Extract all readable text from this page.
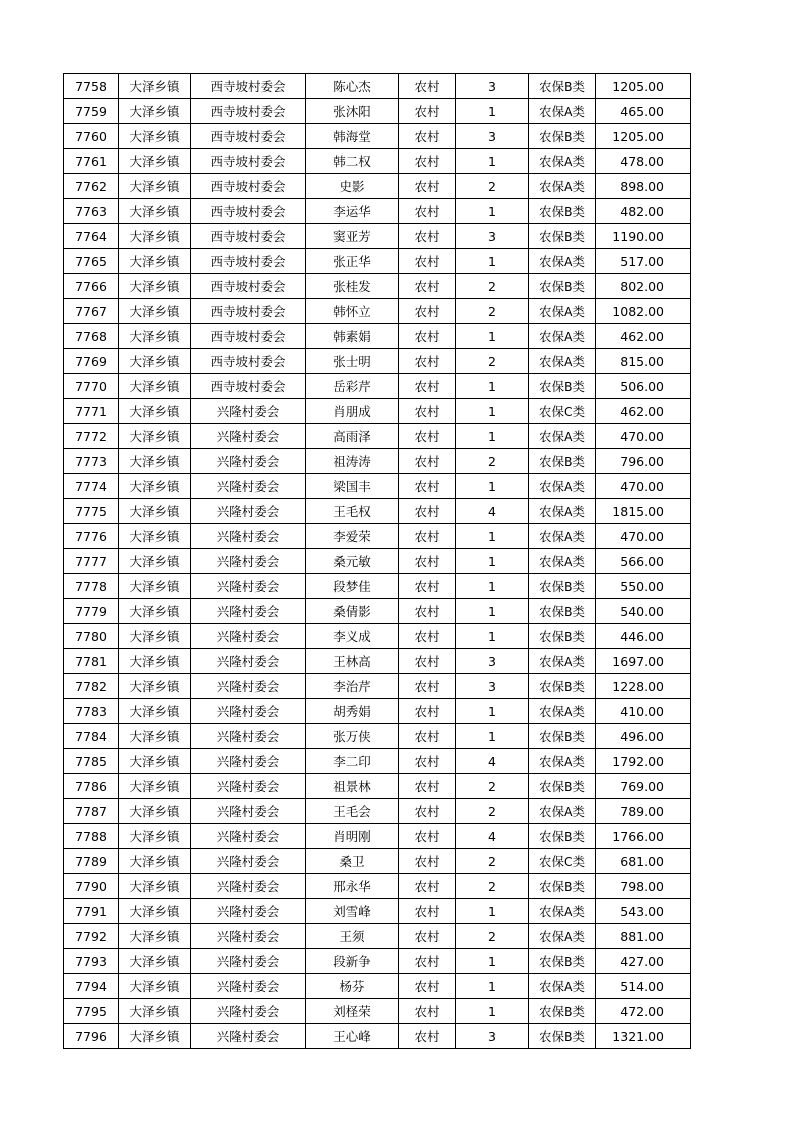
7758	大泽乡镇	西寺坡村委会	陈心杰	农村	3	农保B类	1205.00
7759	大泽乡镇	西寺坡村委会	张沐阳	农村	1	农保A类	465.00
7760	大泽乡镇	西寺坡村委会	韩海堂	农村	3	农保B类	1205.00
7761	大泽乡镇	西寺坡村委会	韩二权	农村	1	农保A类	478.00
7762	大泽乡镇	西寺坡村委会	史影	农村	2	农保A类	898.00
7763	大泽乡镇	西寺坡村委会	李运华	农村	1	农保B类	482.00
7764	大泽乡镇	西寺坡村委会	窦亚芳	农村	3	农保B类	1190.00
7765	大泽乡镇	西寺坡村委会	张正华	农村	1	农保A类	517.00
7766	大泽乡镇	西寺坡村委会	张桂发	农村	2	农保B类	802.00
7767	大泽乡镇	西寺坡村委会	韩怀立	农村	2	农保A类	1082.00
7768	大泽乡镇	西寺坡村委会	韩素娟	农村	1	农保A类	462.00
7769	大泽乡镇	西寺坡村委会	张士明	农村	2	农保A类	815.00
7770	大泽乡镇	西寺坡村委会	岳彩芹	农村	1	农保B类	506.00
7771	大泽乡镇	兴隆村委会	肖朋成	农村	1	农保C类	462.00
7772	大泽乡镇	兴隆村委会	高雨泽	农村	1	农保A类	470.00
7773	大泽乡镇	兴隆村委会	祖涛涛	农村	2	农保B类	796.00
7774	大泽乡镇	兴隆村委会	梁国丰	农村	1	农保A类	470.00
7775	大泽乡镇	兴隆村委会	王毛权	农村	4	农保A类	1815.00
7776	大泽乡镇	兴隆村委会	李爱荣	农村	1	农保A类	470.00
7777	大泽乡镇	兴隆村委会	桑元敏	农村	1	农保A类	566.00
7778	大泽乡镇	兴隆村委会	段梦佳	农村	1	农保B类	550.00
7779	大泽乡镇	兴隆村委会	桑倩影	农村	1	农保B类	540.00
7780	大泽乡镇	兴隆村委会	李义成	农村	1	农保B类	446.00
7781	大泽乡镇	兴隆村委会	王林高	农村	3	农保A类	1697.00
7782	大泽乡镇	兴隆村委会	李治芹	农村	3	农保B类	1228.00
7783	大泽乡镇	兴隆村委会	胡秀娟	农村	1	农保A类	410.00
7784	大泽乡镇	兴隆村委会	张万侠	农村	1	农保B类	496.00
7785	大泽乡镇	兴隆村委会	李二印	农村	4	农保A类	1792.00
7786	大泽乡镇	兴隆村委会	祖景林	农村	2	农保B类	769.00
7787	大泽乡镇	兴隆村委会	王毛会	农村	2	农保A类	789.00
7788	大泽乡镇	兴隆村委会	肖明刚	农村	4	农保B类	1766.00
7789	大泽乡镇	兴隆村委会	桑卫	农村	2	农保C类	681.00
7790	大泽乡镇	兴隆村委会	邢永华	农村	2	农保B类	798.00
7791	大泽乡镇	兴隆村委会	刘雪峰	农村	1	农保A类	543.00
7792	大泽乡镇	兴隆村委会	王须	农村	2	农保A类	881.00
7793	大泽乡镇	兴隆村委会	段新争	农村	1	农保B类	427.00
7794	大泽乡镇	兴隆村委会	杨芬	农村	1	农保A类	514.00
7795	大泽乡镇	兴隆村委会	刘柽荣	农村	1	农保B类	472.00
7796	大泽乡镇	兴隆村委会	王心峰	农村	3	农保B类	1321.00
